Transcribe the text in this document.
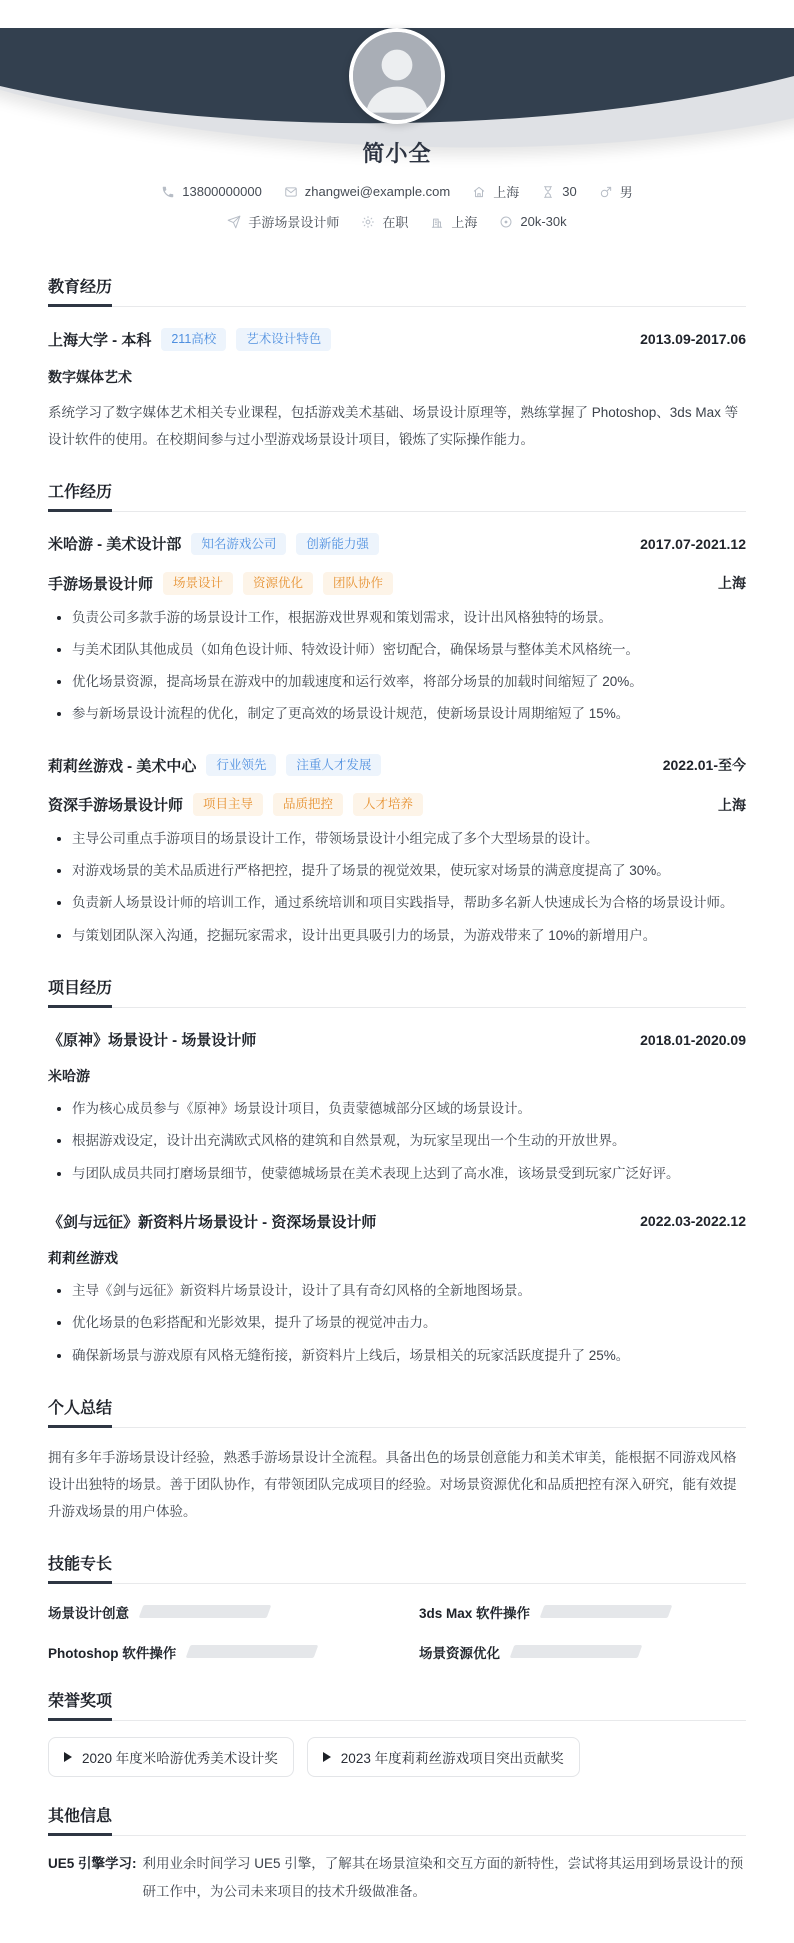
简小全
13800000000	zhangwei@example.com	上海	30	男
手游场景设计师	在职	上海	20k-30k
教育经历
上海大学 - 本科	211高校	艺术设计特色	2013.09-2017.06
数字媒体艺术

系统学习了数字媒体艺术相关专业课程，包括游戏美术基础、场景设计原理等，熟练掌握了 Photoshop、3ds Max 等设计软件的使用。在校期间参与过小型游戏场景设计项目，锻炼了实际操作能力。

工作经历
米哈游 - 美术设计部	知名游戏公司	创新能力强	2017.07-2021.12
手游场景设计师	场景设计	资源优化	团队协作	上海
负责公司多款手游的场景设计工作，根据游戏世界观和策划需求，设计出风格独特的场景。
与美术团队其他成员（如角色设计师、特效设计师）密切配合，确保场景与整体美术风格统一。
优化场景资源，提高场景在游戏中的加载速度和运行效率，将部分场景的加载时间缩短了 20%。
参与新场景设计流程的优化，制定了更高效的场景设计规范，使新场景设计周期缩短了 15%。
莉莉丝游戏 - 美术中心	行业领先	注重人才发展	2022.01-至今
资深手游场景设计师	项目主导	品质把控	人才培养	上海
主导公司重点手游项目的场景设计工作，带领场景设计小组完成了多个大型场景的设计。
对游戏场景的美术品质进行严格把控，提升了场景的视觉效果，使玩家对场景的满意度提高了 30%。
负责新人场景设计师的培训工作，通过系统培训和项目实践指导，帮助多名新人快速成长为合格的场景设计师。
与策划团队深入沟通，挖掘玩家需求，设计出更具吸引力的场景，为游戏带来了 10%的新增用户。
项目经历
《原神》场景设计 - 场景设计师	2018.01-2020.09
米哈游
作为核心成员参与《原神》场景设计项目，负责蒙德城部分区域的场景设计。
根据游戏设定，设计出充满欧式风格的建筑和自然景观，为玩家呈现出一个生动的开放世界。
与团队成员共同打磨场景细节，使蒙德城场景在美术表现上达到了高水准，该场景受到玩家广泛好评。
《剑与远征》新资料片场景设计 - 资深场景设计师	2022.03-2022.12
莉莉丝游戏
主导《剑与远征》新资料片场景设计，设计了具有奇幻风格的全新地图场景。
优化场景的色彩搭配和光影效果，提升了场景的视觉冲击力。
确保新场景与游戏原有风格无缝衔接，新资料片上线后，场景相关的玩家活跃度提升了 25%。
个人总结

拥有多年手游场景设计经验，熟悉手游场景设计全流程。具备出色的场景创意能力和美术审美，能根据不同游戏风格设计出独特的场景。善于团队协作，有带领团队完成项目的经验。对场景资源优化和品质把控有深入研究，能有效提升游戏场景的用户体验。

技能专长
场景设计创意	3ds Max 软件操作
Photoshop 软件操作	场景资源优化
荣誉奖项
2020 年度米哈游优秀美术设计奖	2023 年度莉莉丝游戏项目突出贡献奖
其他信息
UE5 引擎学习: 利用业余时间学习 UE5 引擎，了解其在场景渲染和交互方面的新特性，尝试将其运用到场景设计的预研工作中，为公司未来项目的技术升级做准备。
